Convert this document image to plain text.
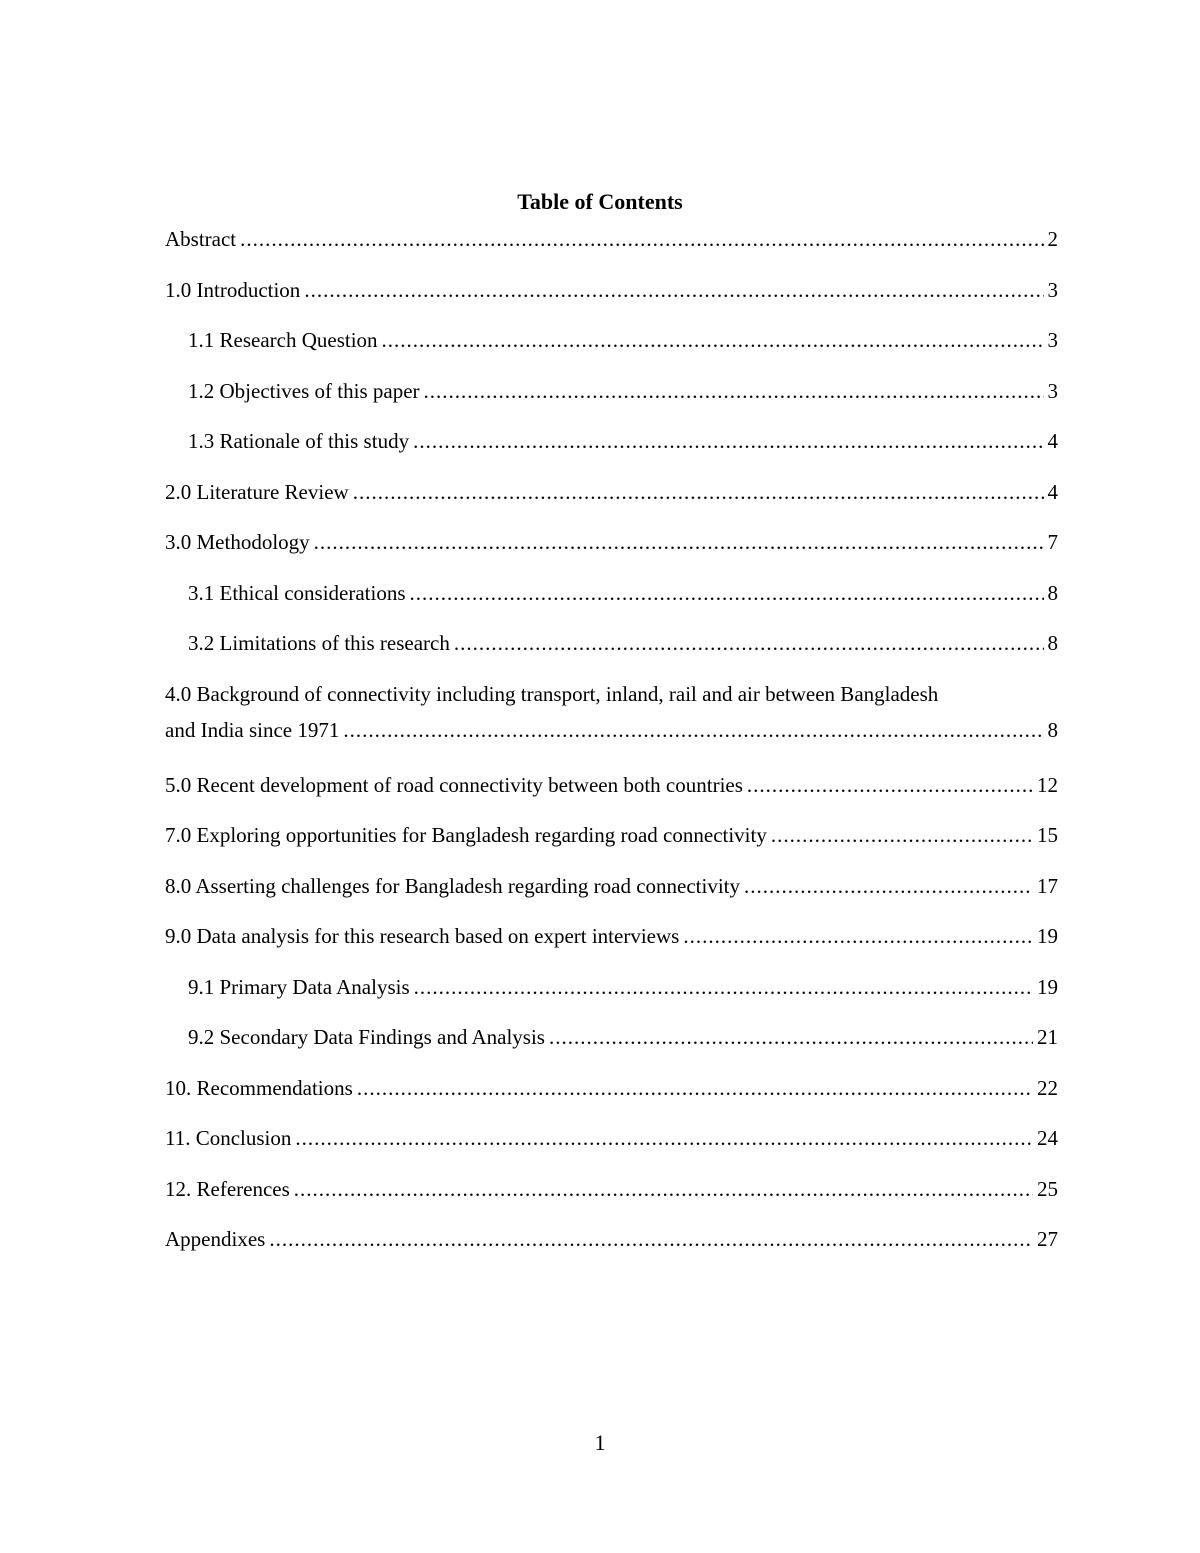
Table of Contents
Abstract .....	2
1.0 Introduction .....	3
1.1 Research Question .....	3
1.2 Objectives of this paper .....	3
1.3 Rationale of this study .....	4
2.0 Literature Review .....	4
3.0 Methodology .....	7
3.1 Ethical considerations .....	8
3.2 Limitations of this research .....	8
4.0 Background of connectivity including transport, inland, rail and air between Bangladesh
and India since 1971 .....	8
5.0 Recent development of road connectivity between both countries .....	12
7.0 Exploring opportunities for Bangladesh regarding road connectivity .....	15
8.0 Asserting challenges for Bangladesh regarding road connectivity .....	17
9.0 Data analysis for this research based on expert interviews .....	19
9.1 Primary Data Analysis .....	19
9.2 Secondary Data Findings and Analysis .....	21
10. Recommendations .....	22
11. Conclusion .....	24
12. References .....	25
Appendixes .....	27
1
